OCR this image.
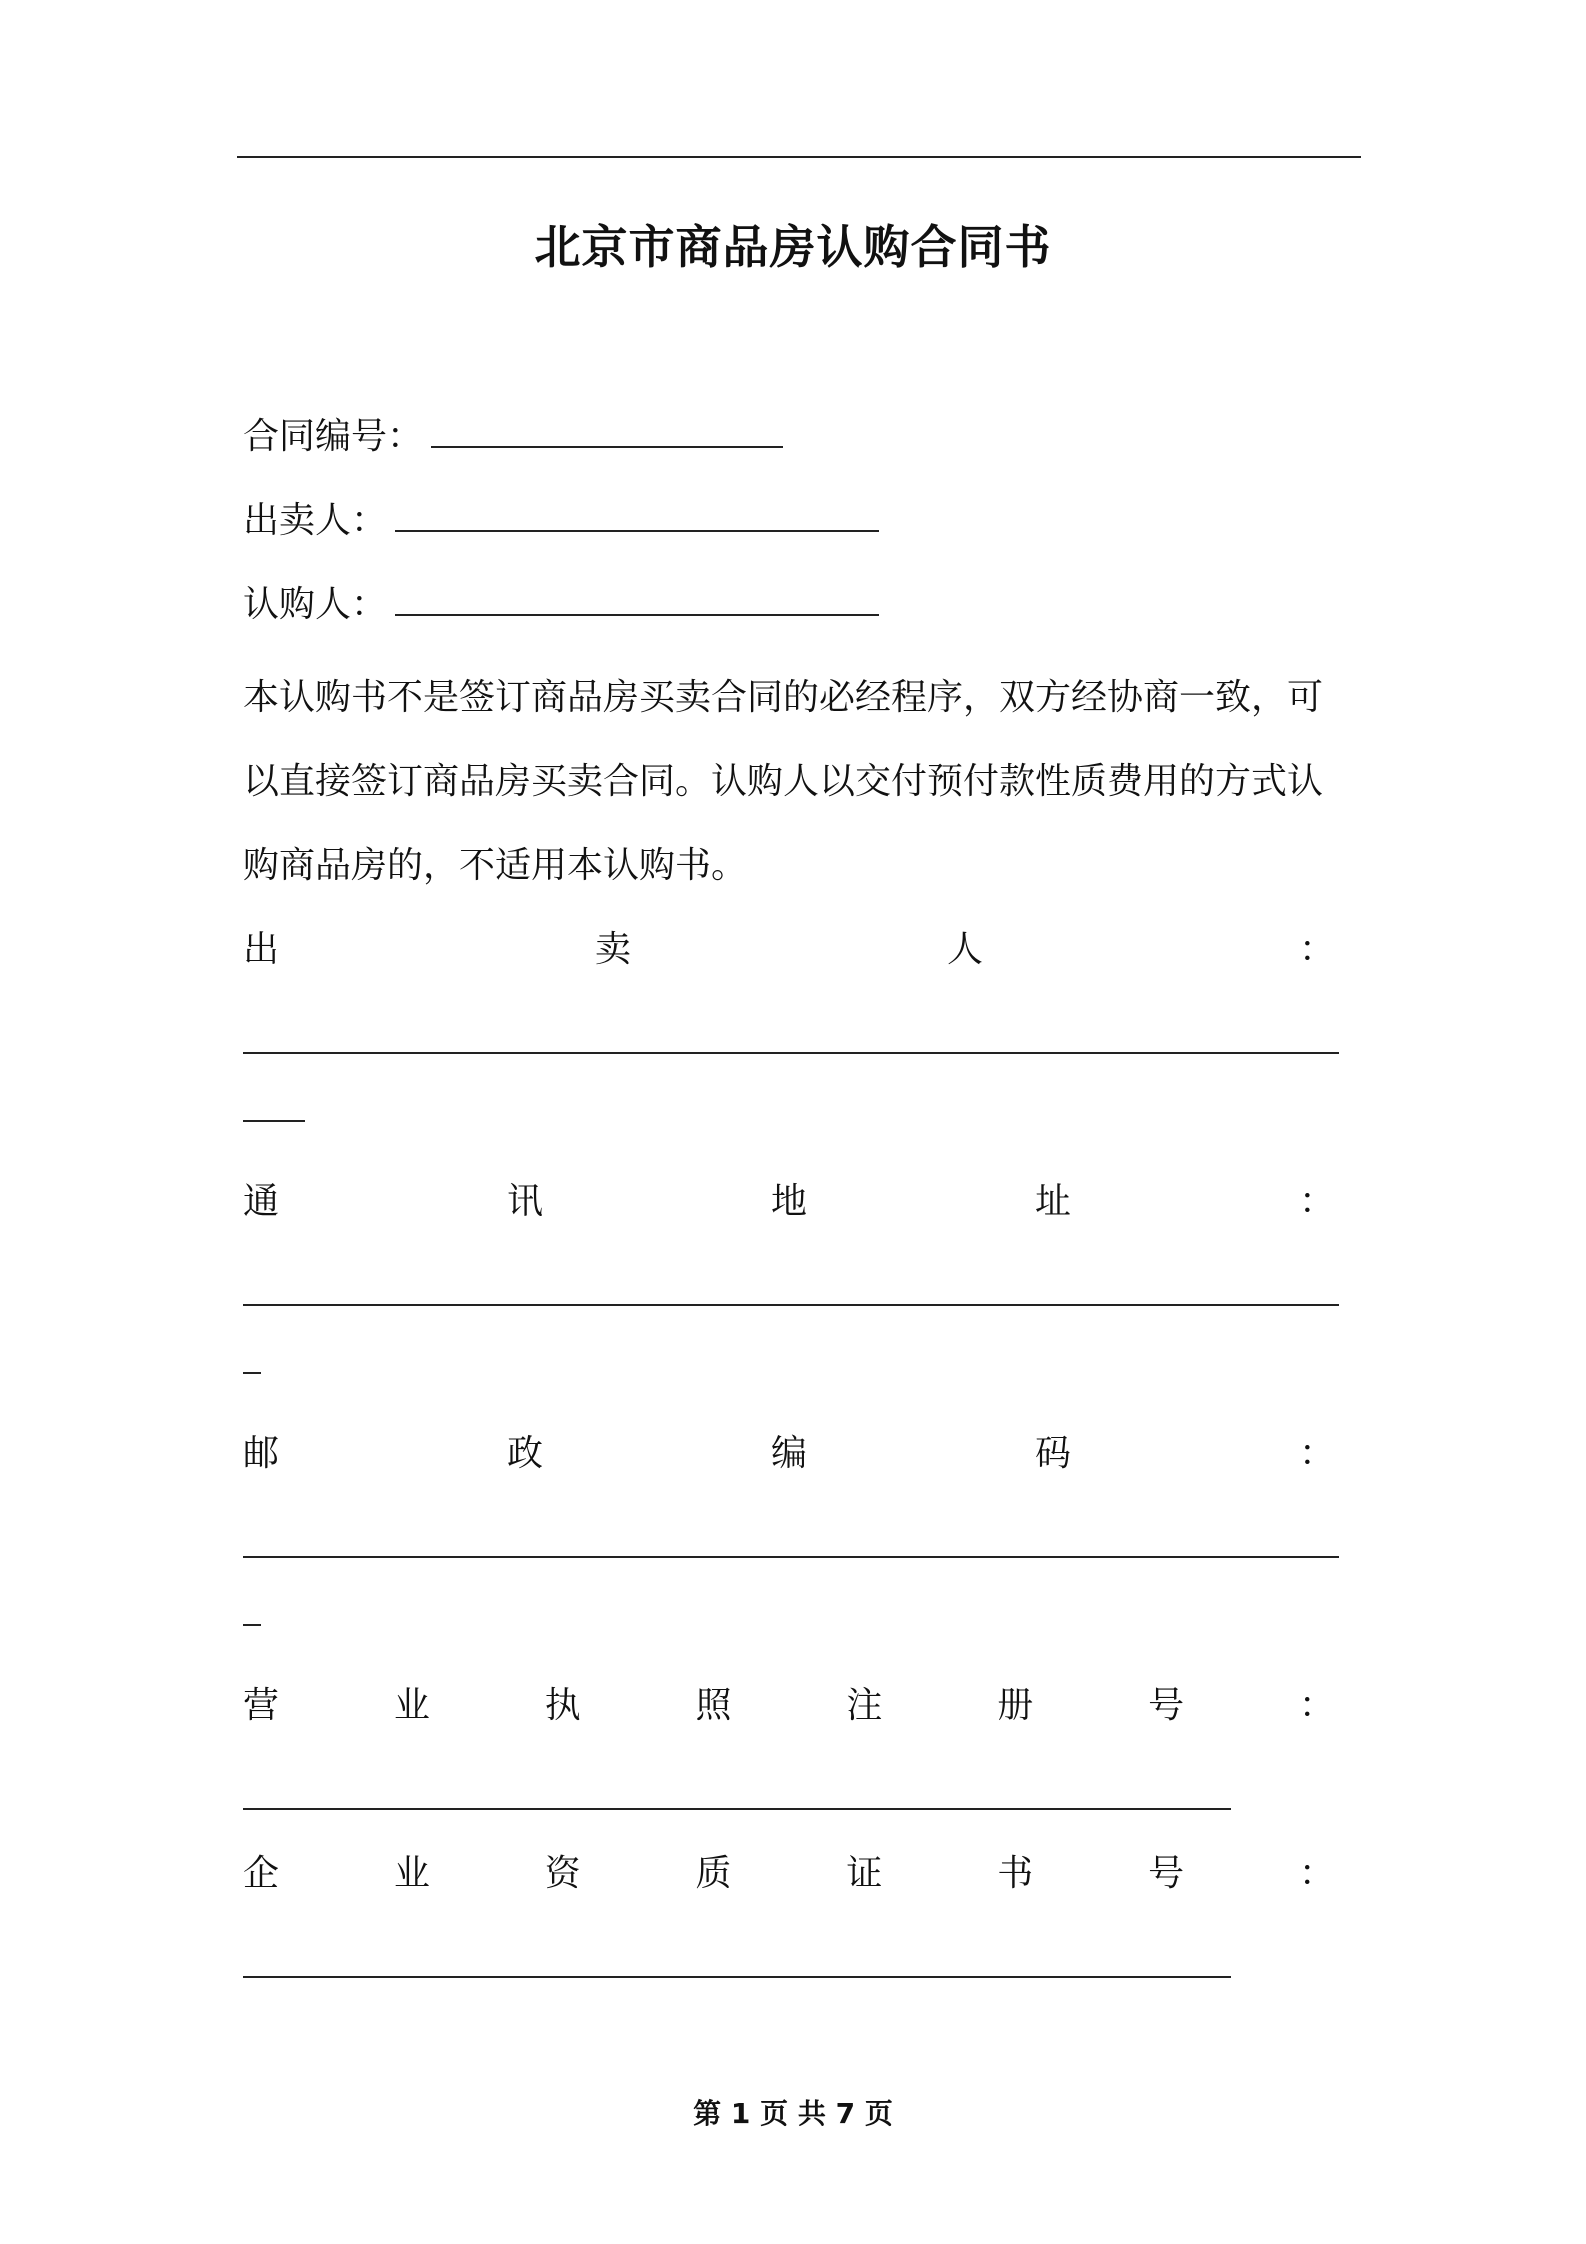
北京市商品房认购合同书
合同编号：
出卖人：
认购人：
本认购书不是签订商品房买卖合同的必经程序，双方经协商一致，可以直接签订商品房买卖合同。认购人以交付预付款性质费用的方式认购商品房的，不适用本认购书。
出	卖	人	：
通	讯	地	址	：
邮	政	编	码	：
营	业	执	照	注	册	号	：
企	业	资	质	证	书	号	：
第 1 页 共 7 页
